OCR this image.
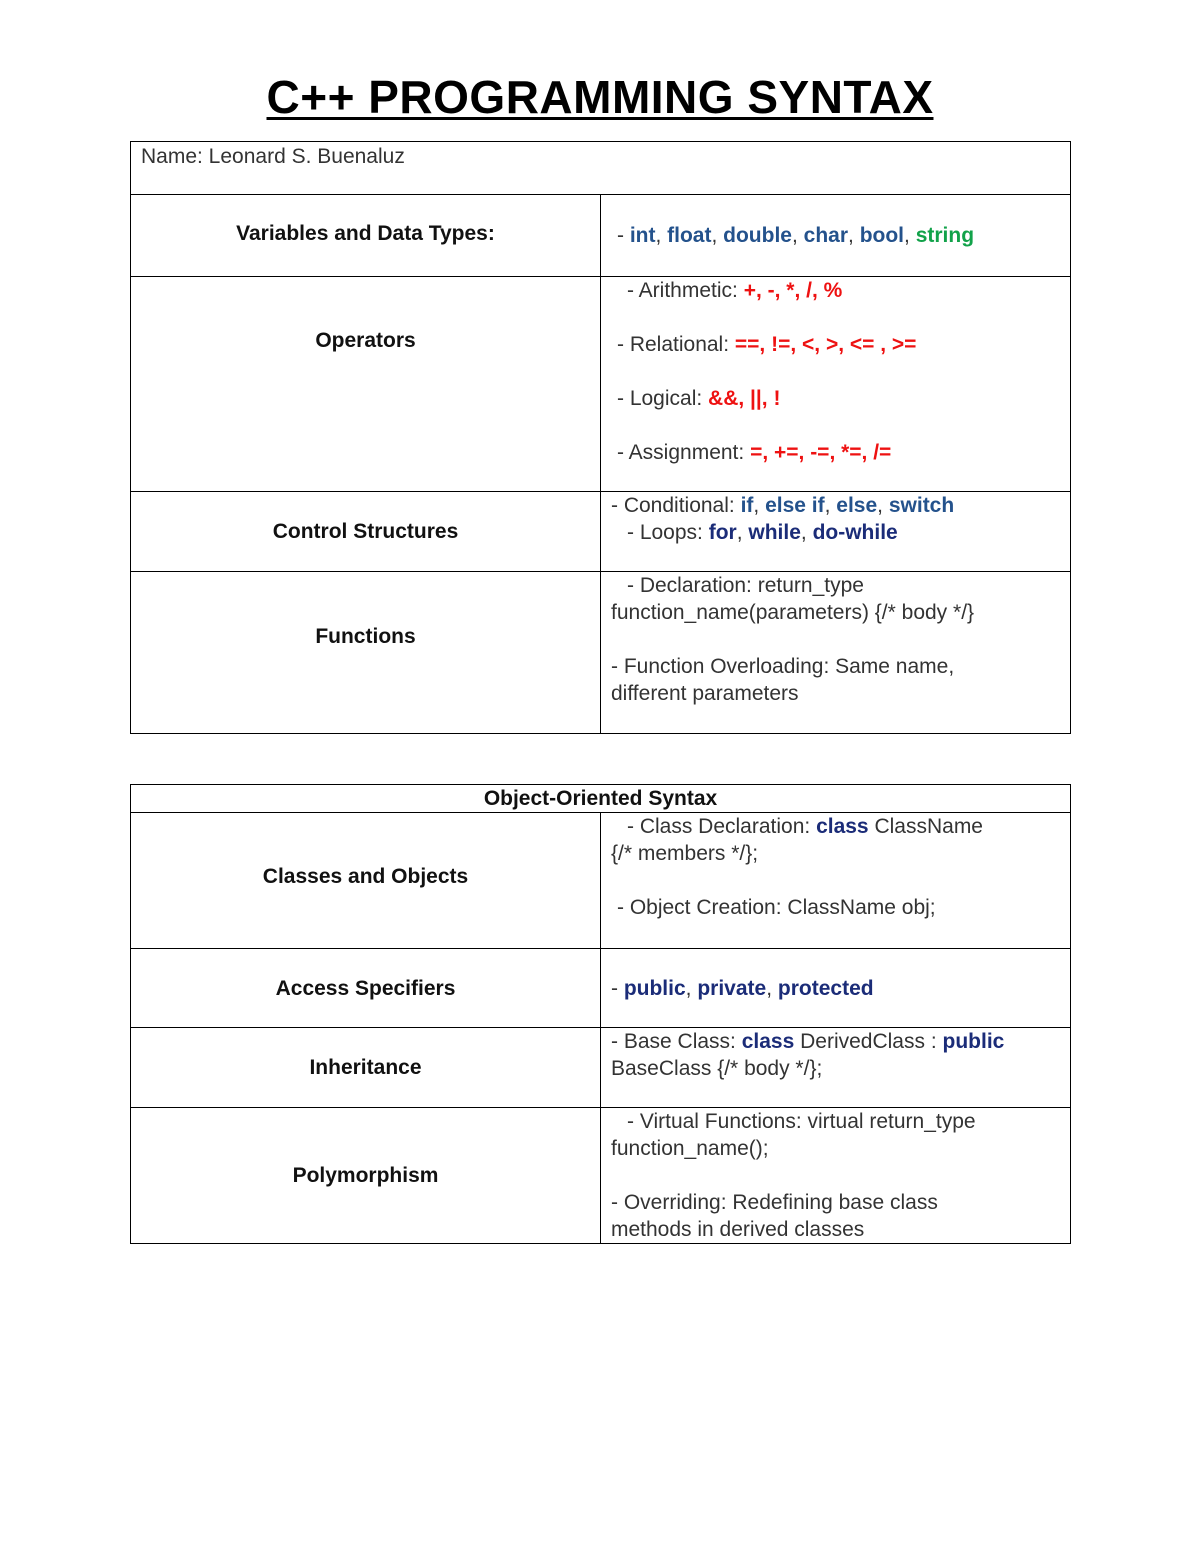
C++ PROGRAMMING SYNTAX
Name: Leonard S. Buenaluz	
Variables and Data Types:	- int, float, double, char, bool, string

Operators	- Arithmetic: +, -, *, /, %
- Relational: ==, !=, <, >, <= , >=
- Logical: &&, ||, !
- Assignment: =, +=, -=, *=, /=

Control Structures	- Conditional: if, else if, else, switch
- Loops: for, while, do-while

Functions	- Declaration: return_type
function_name(parameters) {/* body */}
- Function Overloading: Same name,
different parameters
Object-Oriented Syntax	
Classes and Objects	- Class Declaration: class ClassName
{/* members */};
- Object Creation: ClassName obj;

Access Specifiers	- public, private, protected

Inheritance	- Base Class: class DerivedClass : public
BaseClass {/* body */};

Polymorphism	- Virtual Functions: virtual return_type
function_name();
- Overriding: Redefining base class
methods in derived classes
